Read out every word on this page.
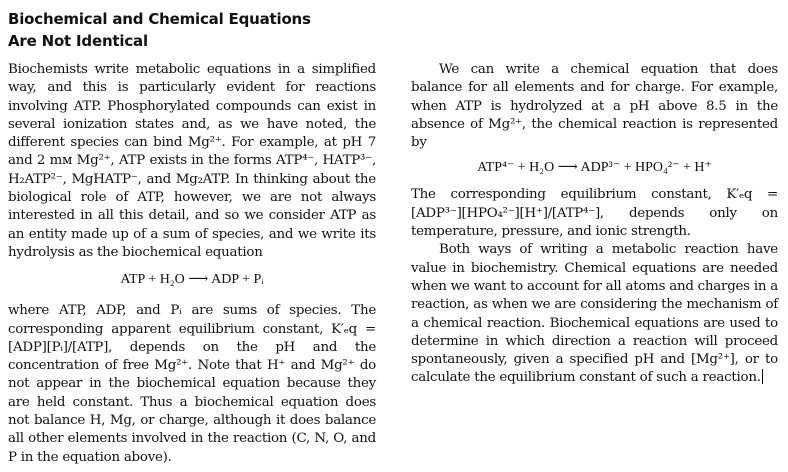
Biochemical and Chemical Equations
Are Not Identical

Biochemists write metabolic equations in a simplified way, and this is particularly evident for reactions involving ATP. Phosphorylated compounds can exist in several ionization states and, as we have noted, the different species can bind Mg²⁺. For example, at pH 7 and 2 mм Mg²⁺, ATP exists in the forms ATP⁴⁻, HATP³⁻, H₂ATP²⁻, MgHATP⁻, and Mg₂ATP. In thinking about the biological role of ATP, however, we are not always interested in all this detail, and so we consider ATP as an entity made up of a sum of species, and we write its hydrolysis as the biochemical equation

ATP + H₂O ⟶ ADP + Pᵢ

where ATP, ADP, and Pᵢ are sums of species. The corresponding apparent equilibrium constant, K′ₑq = [ADP][Pᵢ]/[ATP], depends on the pH and the concentration of free Mg²⁺. Note that H⁺ and Mg²⁺ do not appear in the biochemical equation because they are held constant. Thus a biochemical equation does not balance H, Mg, or charge, although it does balance all other elements involved in the reaction (C, N, O, and P in the equation above).

We can write a chemical equation that does balance for all elements and for charge. For example, when ATP is hydrolyzed at a pH above 8.5 in the absence of Mg²⁺, the chemical reaction is represented by

ATP⁴⁻ + H₂O ⟶ ADP³⁻ + HPO₄²⁻ + H⁺

The corresponding equilibrium constant, K′ₑq = [ADP³⁻][HPO₄²⁻][H⁺]/[ATP⁴⁻], depends only on temperature, pressure, and ionic strength.

Both ways of writing a metabolic reaction have value in biochemistry. Chemical equations are needed when we want to account for all atoms and charges in a reaction, as when we are considering the mechanism of a chemical reaction. Biochemical equations are used to determine in which direction a reaction will proceed spontaneously, given a specified pH and [Mg²⁺], or to calculate the equilibrium constant of such a reaction.
